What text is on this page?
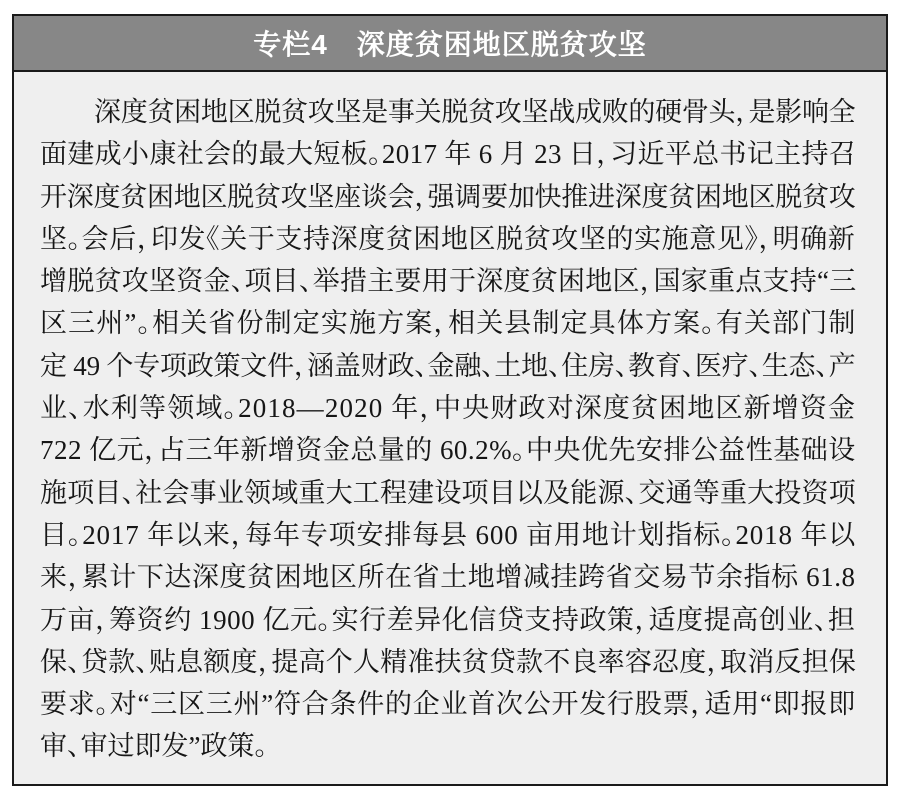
专栏4　深度贫困地区脱贫攻坚
深度贫困地区脱贫攻坚是事关脱贫攻坚战成败的硬骨头，是影响全
面建成小康社会的最大短板。2017 年 6 月 23 日，习近平总书记主持召
开深度贫困地区脱贫攻坚座谈会，强调要加快推进深度贫困地区脱贫攻
坚。会后，印发《关于支持深度贫困地区脱贫攻坚的实施意见》，明确新
增脱贫攻坚资金、项目、举措主要用于深度贫困地区，国家重点支持“三
区三州”。相关省份制定实施方案，相关县制定具体方案。有关部门制
定 49 个专项政策文件，涵盖财政、金融、土地、住房、教育、医疗、生态、产
业、水利等领域。2018—2020 年，中央财政对深度贫困地区新增资金
722 亿元，占三年新增资金总量的 60.2%。中央优先安排公益性基础设
施项目、社会事业领域重大工程建设项目以及能源、交通等重大投资项
目。2017 年以来，每年专项安排每县 600 亩用地计划指标。2018 年以
来，累计下达深度贫困地区所在省土地增减挂跨省交易节余指标 61.8
万亩，筹资约 1900 亿元。实行差异化信贷支持政策，适度提高创业、担
保、贷款、贴息额度，提高个人精准扶贫贷款不良率容忍度，取消反担保
要求。对“三区三州”符合条件的企业首次公开发行股票，适用“即报即
审、审过即发”政策。
